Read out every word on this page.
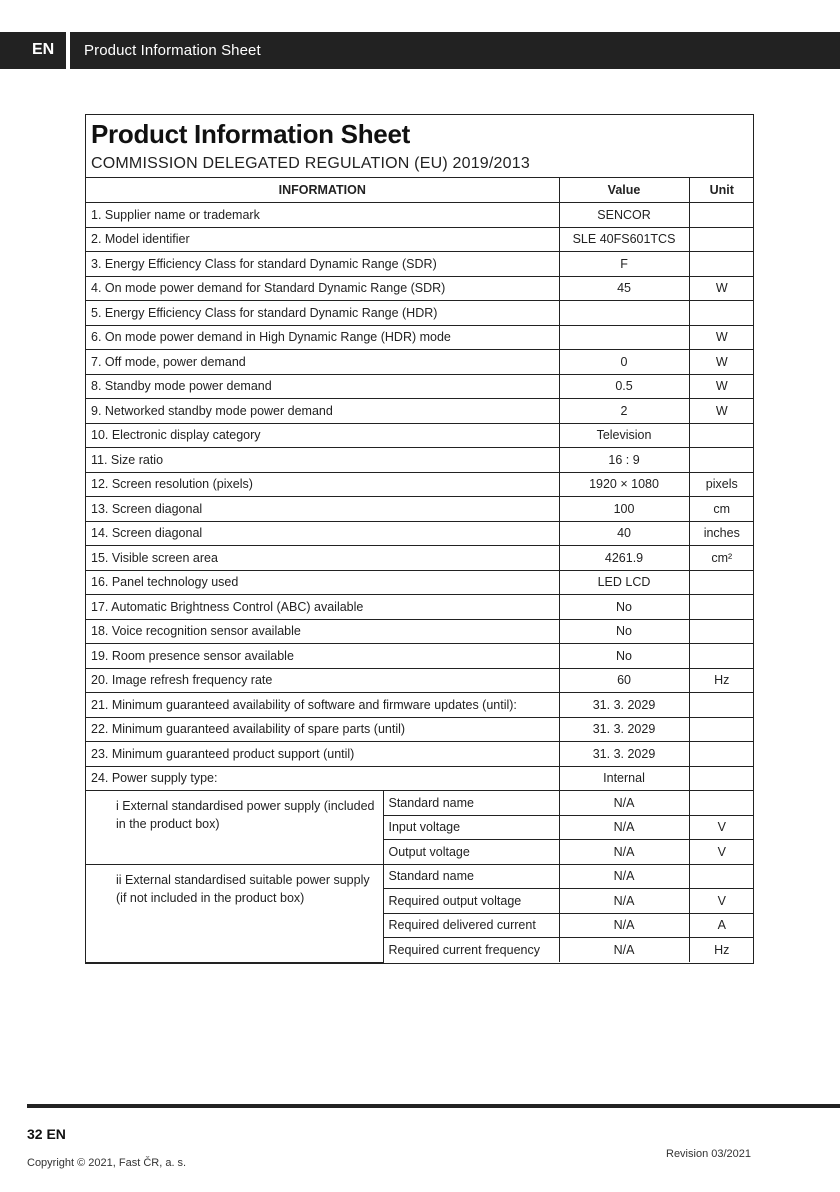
EN Product Information Sheet
Product Information Sheet
COMMISSION DELEGATED REGULATION (EU) 2019/2013
INFORMATION		Value	Unit
1. Supplier name or trademark		SENCOR	
2. Model identifier		SLE 40FS601TCS	
3. Energy Efficiency Class for standard Dynamic Range (SDR)		F	
4. On mode power demand for Standard Dynamic Range (SDR)		45	W
5. Energy Efficiency Class for standard Dynamic Range (HDR)			
6. On mode power demand in High Dynamic Range (HDR) mode			W
7. Off mode, power demand		0	W
8. Standby mode power demand		0.5	W
9. Networked standby mode power demand		2	W
10. Electronic display category		Television	
11. Size ratio		16 : 9	
12. Screen resolution (pixels)		1920 × 1080	pixels
13. Screen diagonal		100	cm
14. Screen diagonal		40	inches
15. Visible screen area		4261.9	cm²
16. Panel technology used		LED LCD	
17. Automatic Brightness Control (ABC) available		No	
18. Voice recognition sensor available		No	
19. Room presence sensor available		No	
20. Image refresh frequency rate		60	Hz
21. Minimum guaranteed availability of software and firmware updates (until):		31. 3. 2029	
22. Minimum guaranteed availability of spare parts (until)		31. 3. 2029	
23. Minimum guaranteed product support (until)		31. 3. 2029	
24. Power supply type:		Internal	
i External standardised power supply (included in the product box)	Standard name	N/A	
	Input voltage	N/A	V
	Output voltage	N/A	V
ii External standardised suitable power supply (if not included in the product box)	Standard name	N/A	
	Required output voltage	N/A	V
	Required delivered current	N/A	A
	Required current frequency	N/A	Hz
32 EN
Copyright © 2021, Fast ČR, a. s.
Revision 03/2021
